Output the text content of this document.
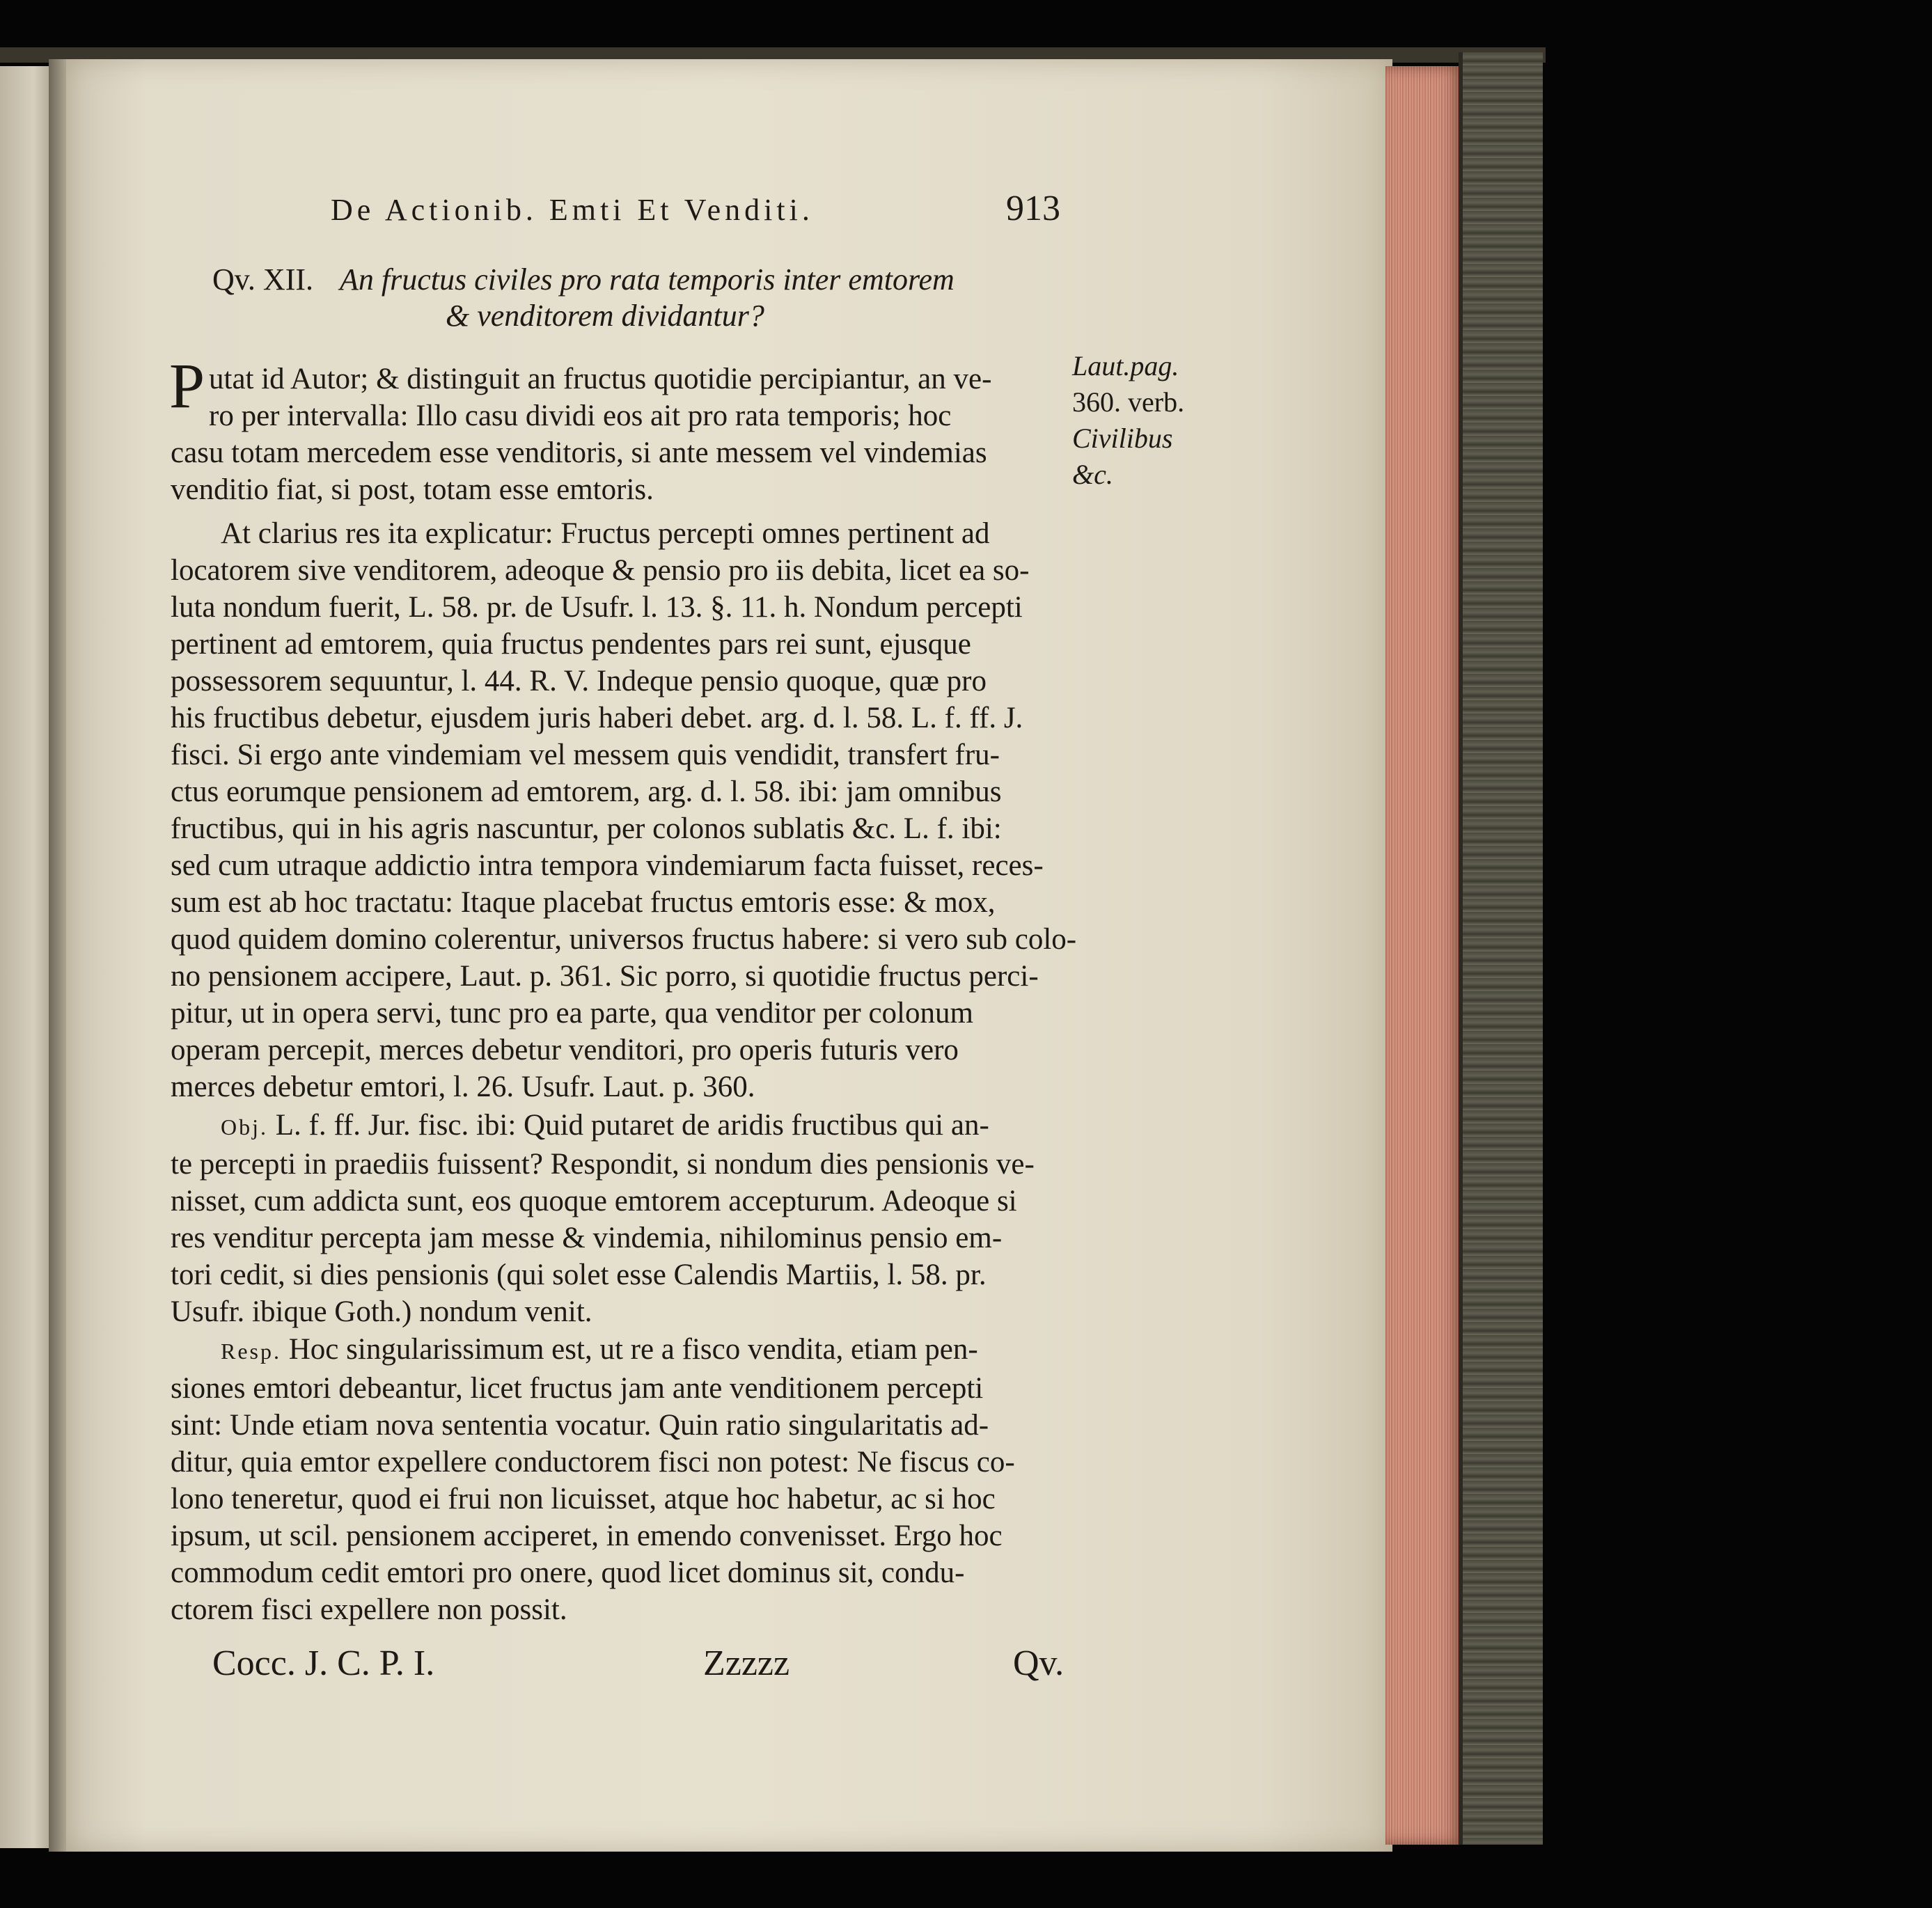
De Actionib. Emti Et Venditi.	913
Qv. XII. An fructus civiles pro rata temporis inter emtorem
& venditorem dividantur?
Laut.pag.
360. verb.
Civilibus
&c.
P utat id Autor; & distinguit an fructus quotidie percipiantur, an ve-
ro per intervalla: Illo casu dividi eos ait pro rata temporis; hoc
casu totam mercedem esse venditoris, si ante messem vel vindemias
venditio fiat, si post, totam esse emtoris.
At clarius res ita explicatur: Fructus percepti omnes pertinent ad
locatorem sive venditorem, adeoque & pensio pro iis debita, licet ea so-
luta nondum fuerit, L. 58. pr. de Usufr. l. 13. §. 11. h. Nondum percepti
pertinent ad emtorem, quia fructus pendentes pars rei sunt, ejusque
possessorem sequuntur, l. 44. R. V. Indeque pensio quoque, quæ pro
his fructibus debetur, ejusdem juris haberi debet. arg. d. l. 58. L. f. ff. J.
fisci. Si ergo ante vindemiam vel messem quis vendidit, transfert fru-
ctus eorumque pensionem ad emtorem, arg. d. l. 58. ibi: jam omnibus
fructibus, qui in his agris nascuntur, per colonos sublatis &c. L. f. ibi:
sed cum utraque addictio intra tempora vindemiarum facta fuisset, reces-
sum est ab hoc tractatu: Itaque placebat fructus emtoris esse: & mox,
quod quidem domino colerentur, universos fructus habere: si vero sub colo-
no pensionem accipere, Laut. p. 361. Sic porro, si quotidie fructus perci-
pitur, ut in opera servi, tunc pro ea parte, qua venditor per colonum
operam percepit, merces debetur venditori, pro operis futuris vero
merces debetur emtori, l. 26. Usufr. Laut. p. 360.
Obj. L. f. ff. Jur. fisc. ibi: Quid putaret de aridis fructibus qui an-
te percepti in praediis fuissent? Respondit, si nondum dies pensionis ve-
nisset, cum addicta sunt, eos quoque emtorem accepturum. Adeoque si
res venditur percepta jam messe & vindemia, nihilominus pensio em-
tori cedit, si dies pensionis (qui solet esse Calendis Martiis, l. 58. pr.
Usufr. ibique Goth.) nondum venit.
Resp. Hoc singularissimum est, ut re a fisco vendita, etiam pen-
siones emtori debeantur, licet fructus jam ante venditionem percepti
sint: Unde etiam nova sententia vocatur. Quin ratio singularitatis ad-
ditur, quia emtor expellere conductorem fisci non potest: Ne fiscus co-
lono teneretur, quod ei frui non licuisset, atque hoc habetur, ac si hoc
ipsum, ut scil. pensionem acciperet, in emendo convenisset. Ergo hoc
commodum cedit emtori pro onere, quod licet dominus sit, condu-
ctorem fisci expellere non possit.
Cocc. J. C. P. I.	Zzzzz	Qv.
